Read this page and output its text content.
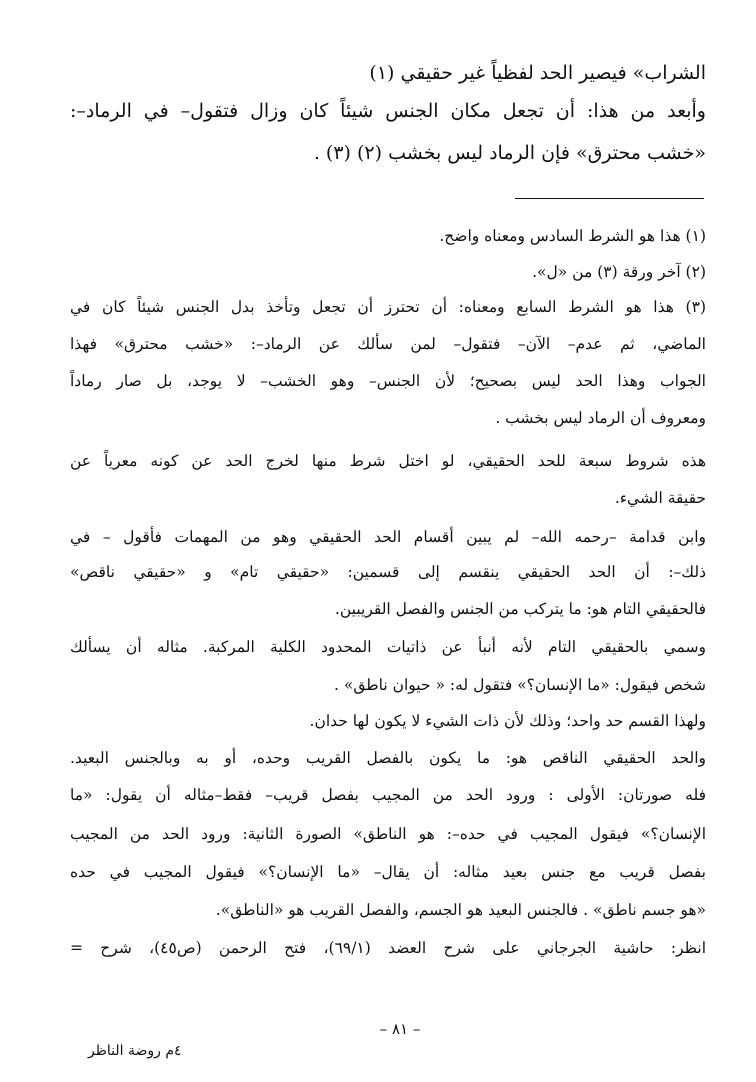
الشراب» فيصير الحد لفظياً غير حقيقي (١)
وأبعد من هذا: أن تجعل مكان الجنس شيئاً كان وزال فتقول– في الرماد–:
«خشب محترق» فإن الرماد ليس بخشب (٢) (٣) .
(١) هذا هو الشرط السادس ومعناه واضح.
(٢) آخر ورقة (٣) من «ل».
(٣) هذا هو الشرط السابع ومعناه: أن تحترز أن تجعل وتأخذ بدل الجنس شيئاً كان في
الماضي، ثم عدم– الآن– فتقول– لمن سألك عن الرماد–: «خشب محترق» فهذا
الجواب وهذا الحد ليس بصحيح؛ لأن الجنس– وهو الخشب– لا يوجد، بل صار رماداً
ومعروف أن الرماد ليس بخشب .
هذه شروط سبعة للحد الحقيقي، لو اختل شرط منها لخرج الحد عن كونه معرياً عن
حقيقة الشيء.
وابن قدامة –رحمه الله– لم يبين أقسام الحد الحقيقي وهو من المهمات فأقول – في
ذلك–: أن الحد الحقيقي ينقسم إلى قسمين: «حقيقي تام» و «حقيقي ناقص»
فالحقيقي التام هو: ما يتركب من الجنس والفصل القريبين.
وسمي بالحقيقي التام لأنه أنبأ عن ذاتيات المحدود الكلية المركبة. مثاله أن يسألك
شخص فيقول: «ما الإنسان؟» فتقول له: « حيوان ناطق» .
ولهذا القسم حد واحد؛ وذلك لأن ذات الشيء لا يكون لها حدان.
والحد الحقيقي الناقص هو: ما يكون بالفصل القريب وحده، أو به وبالجنس البعيد.
فله صورتان: الأولى : ورود الحد من المجيب بفصل قريب– فقط–مثاله أن يقول: «ما
الإنسان؟» فيقول المجيب في حده–: هو الناطق» الصورة الثانية: ورود الحد من المجيب
بفصل قريب مع جنس بعيد مثاله: أن يقال– «ما الإنسان؟» فيقول المجيب في حده
«هو جسم ناطق» . فالجنس البعيد هو الجسم، والفصل القريب هو «الناطق».
انظر: حاشية الجرجاني على شرح العضد (٦٩/١)، فتح الرحمن (ص٤٥)، شرح =
– ٨١ –
٤م روضة الناظر
